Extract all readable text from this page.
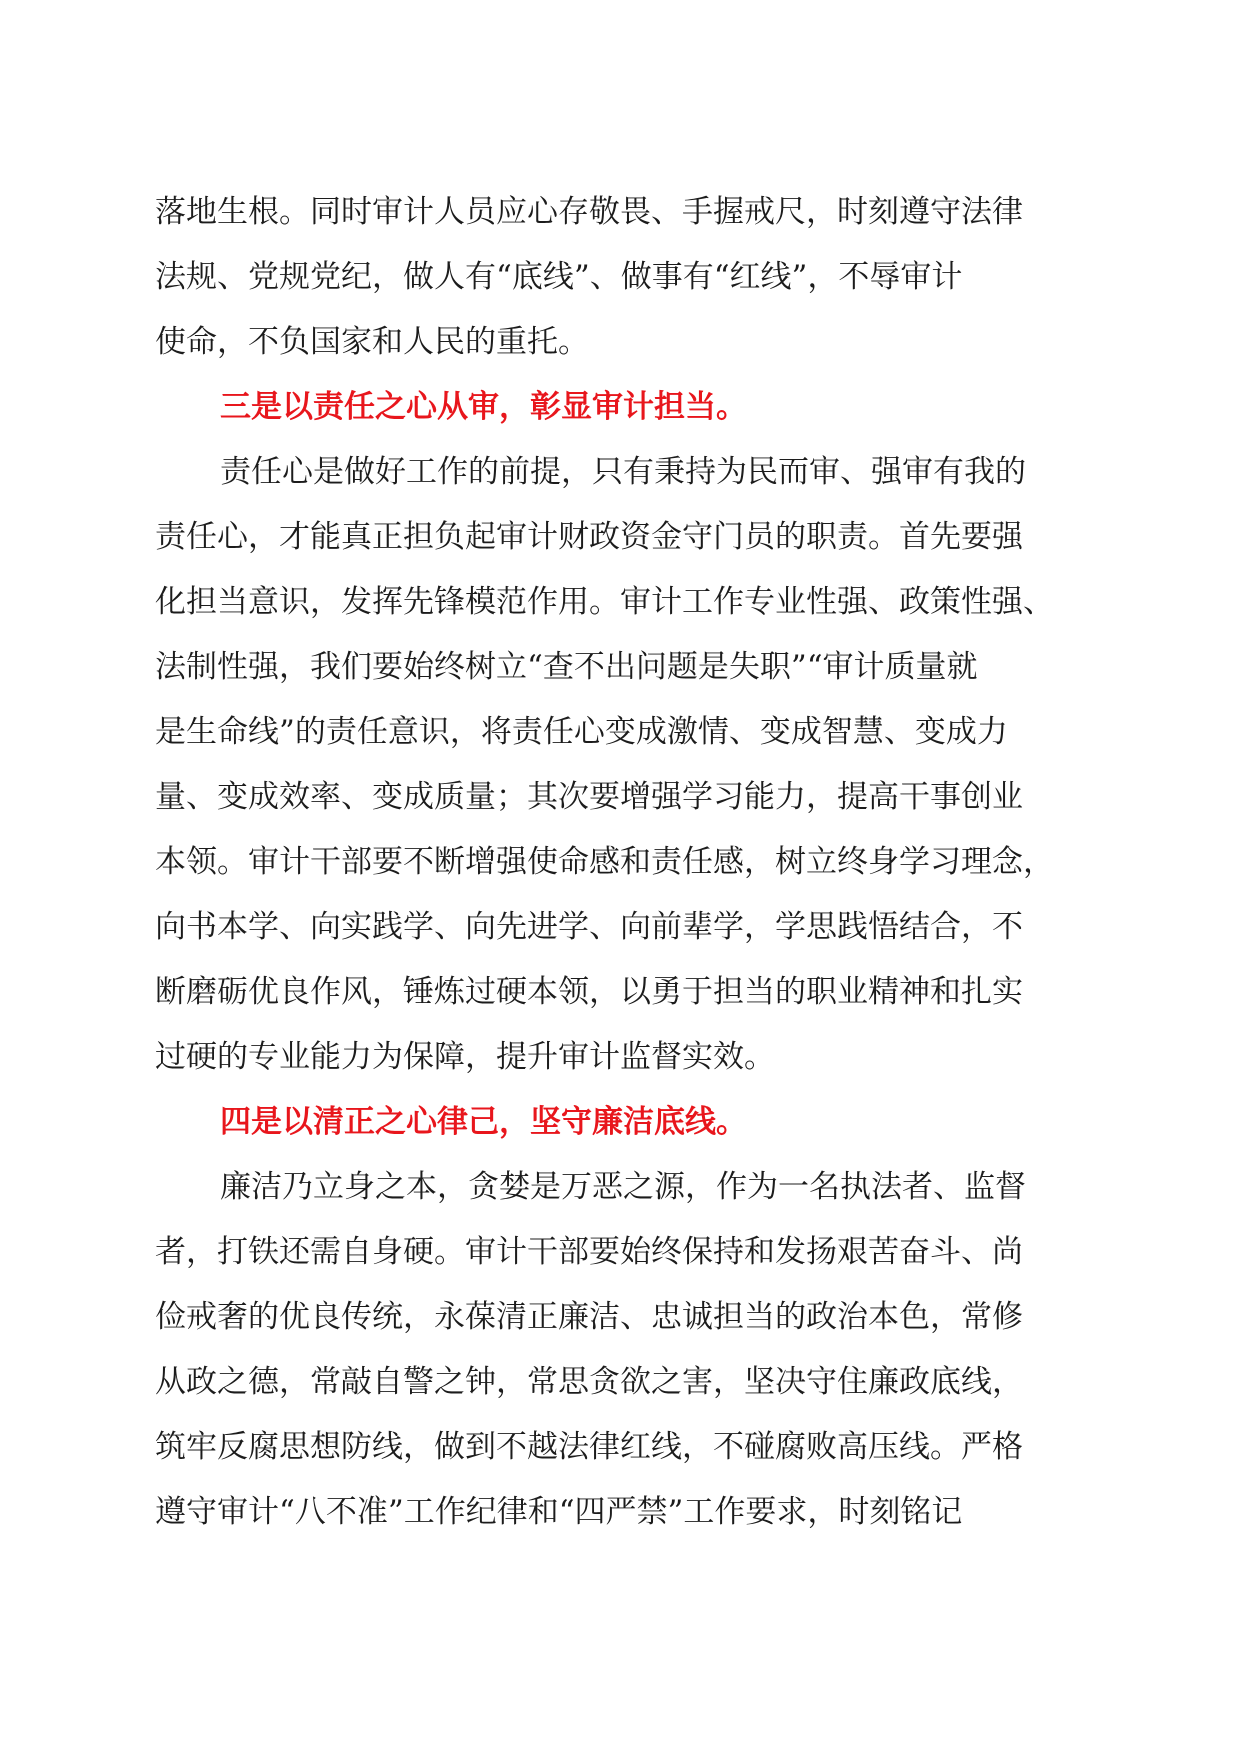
落地生根。同时审计人员应心存敬畏、手握戒尺，时刻遵守法律
法规、党规党纪，做人有“底线”、做事有“红线”，不辱审计
使命，不负国家和人民的重托。
三是以责任之心从审，彰显审计担当。
责任心是做好工作的前提，只有秉持为民而审、强审有我的
责任心，才能真正担负起审计财政资金守门员的职责。首先要强
化担当意识，发挥先锋模范作用。审计工作专业性强、政策性强、
法制性强，我们要始终树立“查不出问题是失职”“审计质量就
是生命线”的责任意识，将责任心变成激情、变成智慧、变成力
量、变成效率、变成质量；其次要增强学习能力，提高干事创业
本领。审计干部要不断增强使命感和责任感，树立终身学习理念，
向书本学、向实践学、向先进学、向前辈学，学思践悟结合，不
断磨砺优良作风，锤炼过硬本领，以勇于担当的职业精神和扎实
过硬的专业能力为保障，提升审计监督实效。
四是以清正之心律己，坚守廉洁底线。
廉洁乃立身之本，贪婪是万恶之源，作为一名执法者、监督
者，打铁还需自身硬。审计干部要始终保持和发扬艰苦奋斗、尚
俭戒奢的优良传统，永葆清正廉洁、忠诚担当的政治本色，常修
从政之德，常敲自警之钟，常思贪欲之害，坚决守住廉政底线，
筑牢反腐思想防线，做到不越法律红线，不碰腐败高压线。严格
遵守审计“八不准”工作纪律和“四严禁”工作要求，时刻铭记
